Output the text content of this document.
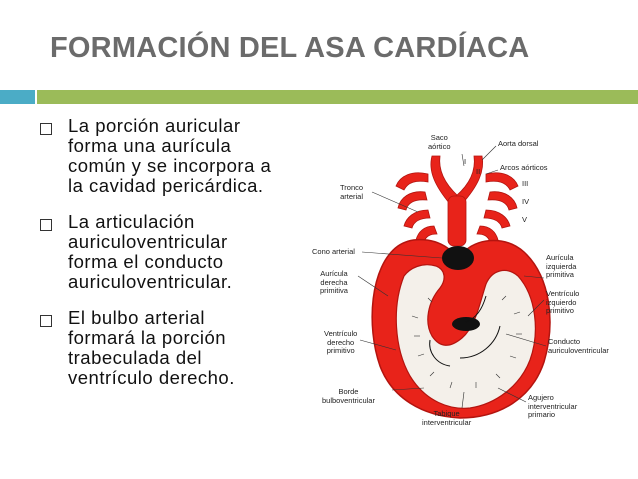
FORMACIÓN DEL ASA CARDÍACA
La porción auricular
forma una aurícula
común y se incorpora a
la cavidad pericárdica.
La articulación
auriculoventricular
forma el conducto
auriculoventricular.
El bulbo arterial
formará la porción
trabeculada del
ventrículo derecho.
Saco
aórtico	Aorta dorsal
Arcos aórticos
I
II
III
IV
V
Tronco
arterial
Cono arterial
Aurícula
derecha
primitiva
Aurícula
izquierda
primitiva
Ventrículo
izquierdo
primitivo
Ventrículo
derecho
primitivo
Conducto
auriculoventricular
Borde
bulboventricular
Tabique
interventricular
Agujero
interventricular
primario
